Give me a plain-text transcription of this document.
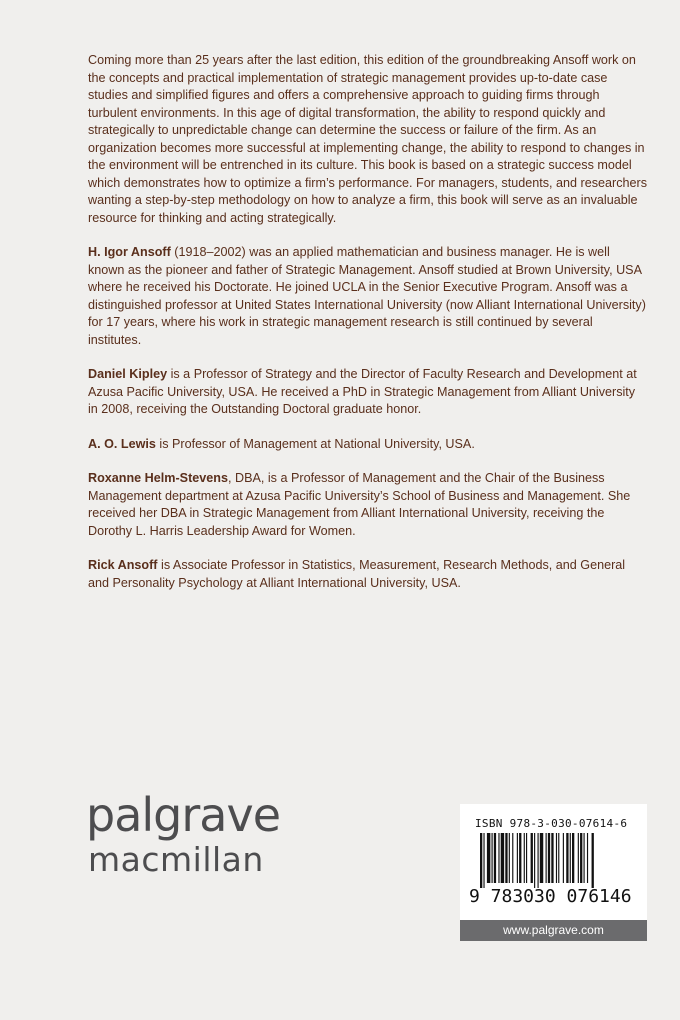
Coming more than 25 years after the last edition, this edition of the groundbreaking Ansoff work on the concepts and practical implementation of strategic management provides up-to-date case studies and simplified figures and offers a comprehensive approach to guiding firms through turbulent environments. In this age of digital transformation, the ability to respond quickly and strategically to unpredictable change can determine the success or failure of the firm. As an organization becomes more successful at implementing change, the ability to respond to changes in the environment will be entrenched in its culture. This book is based on a strategic success model which demonstrates how to optimize a firm’s performance. For managers, students, and researchers wanting a step-by-step methodology on how to analyze a firm, this book will serve as an invaluable resource for thinking and acting strategically.

H. Igor Ansoff (1918–2002) was an applied mathematician and business manager. He is well known as the pioneer and father of Strategic Management. Ansoff studied at Brown University, USA where he received his Doctorate. He joined UCLA in the Senior Executive Program. Ansoff was a distinguished professor at United States International University (now Alliant International University) for 17 years, where his work in strategic management research is still continued by several institutes.

Daniel Kipley is a Professor of Strategy and the Director of Faculty Research and Development at Azusa Pacific University, USA. He received a PhD in Strategic Management from Alliant University in 2008, receiving the Outstanding Doctoral graduate honor.

A. O. Lewis is Professor of Management at National University, USA.

Roxanne Helm-Stevens, DBA, is a Professor of Management and the Chair of the Business Management department at Azusa Pacific University’s School of Business and Management. She received her DBA in Strategic Management from Alliant International University, receiving the Dorothy L. Harris Leadership Award for Women.

Rick Ansoff is Associate Professor in Statistics, Measurement, Research Methods, and General and Personality Psychology at Alliant International University, USA.

palgrave
macmillan
ISBN 978-3-030-07614-6
9 783030 076146
www.palgrave.com
